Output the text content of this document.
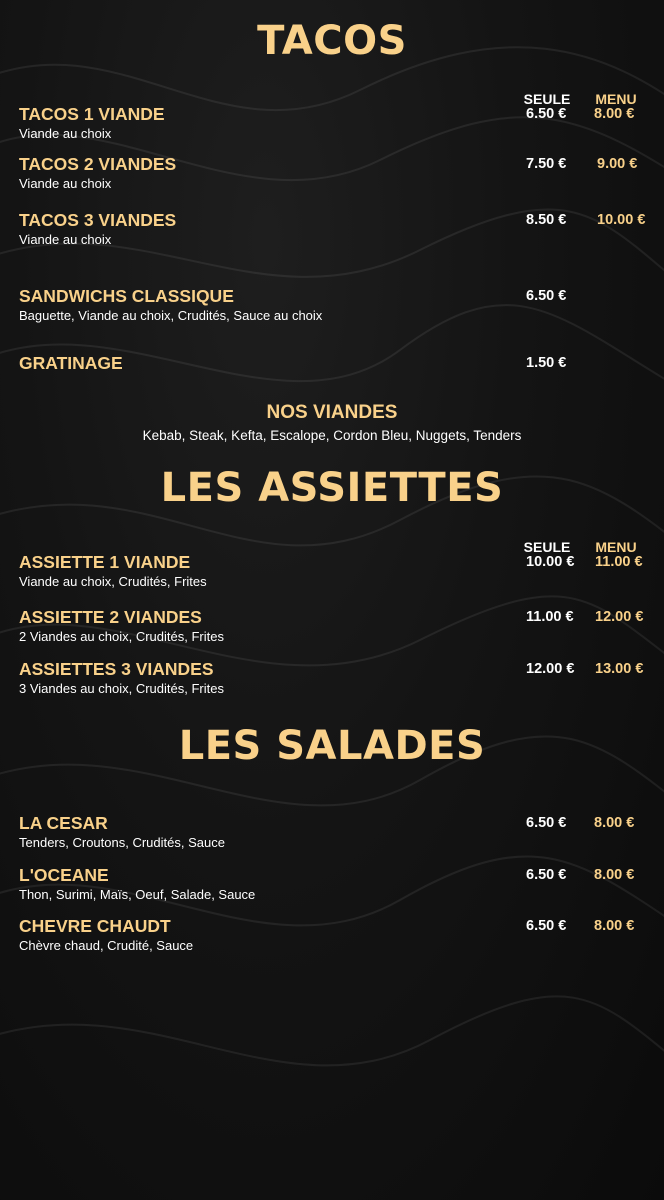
TACOS
SEULE	MENU
TACOS 1 VIANDE
Viande au choix
6.50 € 8.00 €
TACOS 2 VIANDES
Viande au choix
7.50 € 9.00 €
TACOS 3 VIANDES
Viande au choix
8.50 € 10.00 €
SANDWICHS CLASSIQUE
Baguette, Viande au choix, Crudités, Sauce au choix
6.50 €
GRATINAGE	1.50 €
NOS VIANDES
Kebab, Steak, Kefta, Escalope, Cordon Bleu, Nuggets, Tenders
LES ASSIETTES
SEULE	MENU
ASSIETTE 1 VIANDE
Viande au choix, Crudités, Frites
10.00 € 11.00 €
ASSIETTE 2 VIANDES
2 Viandes au choix, Crudités, Frites
11.00 € 12.00 €
ASSIETTES 3 VIANDES
3 Viandes au choix, Crudités, Frites
12.00 € 13.00 €
LES SALADES
LA CESAR
Tenders, Croutons, Crudités, Sauce
6.50 € 8.00 €
L'OCEANE
Thon, Surimi, Maïs, Oeuf, Salade, Sauce
6.50 € 8.00 €
CHEVRE CHAUDT
Chèvre chaud, Crudité, Sauce
6.50 € 8.00 €
